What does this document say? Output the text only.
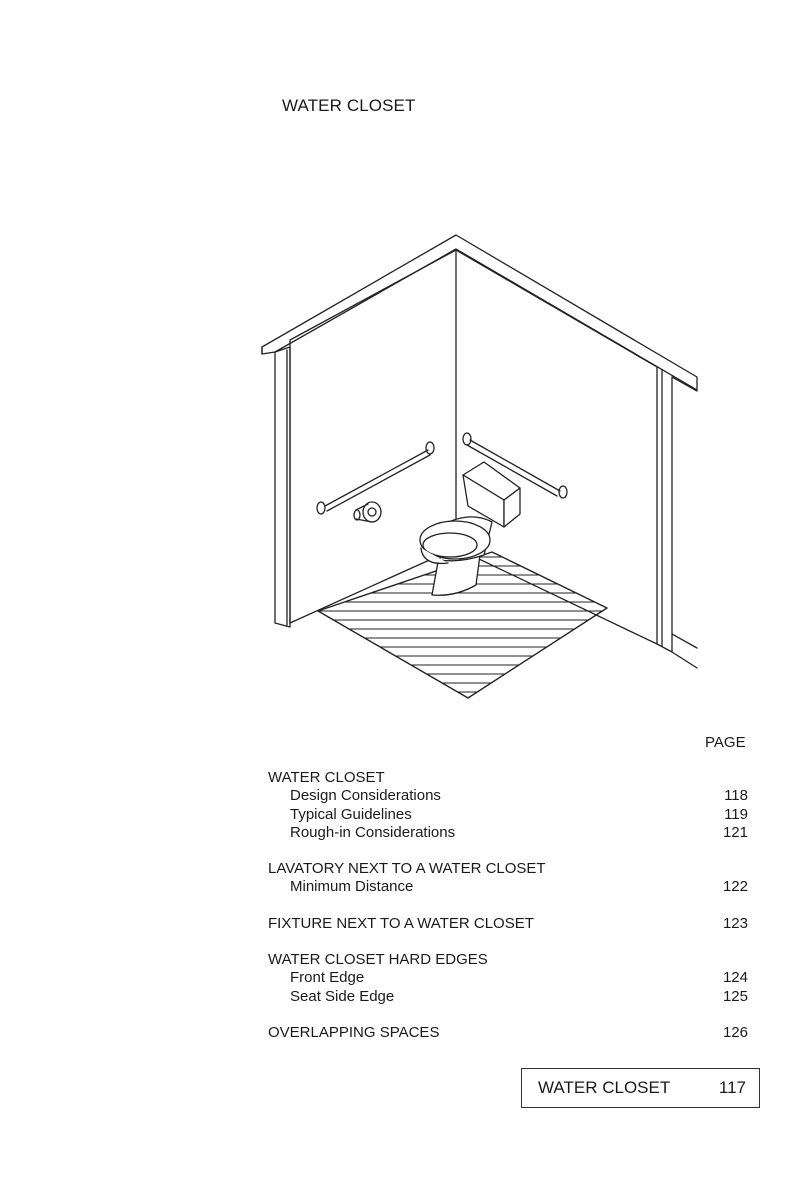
WATER CLOSET
PAGE
WATER CLOSET
Design Considerations	118
Typical Guidelines	119
Rough-in Considerations	121
LAVATORY NEXT TO A WATER CLOSET
Minimum Distance	122
FIXTURE NEXT TO A WATER CLOSET	123
WATER CLOSET HARD EDGES
Front Edge	124
Seat Side Edge	125
OVERLAPPING SPACES	126
WATER CLOSET	117
